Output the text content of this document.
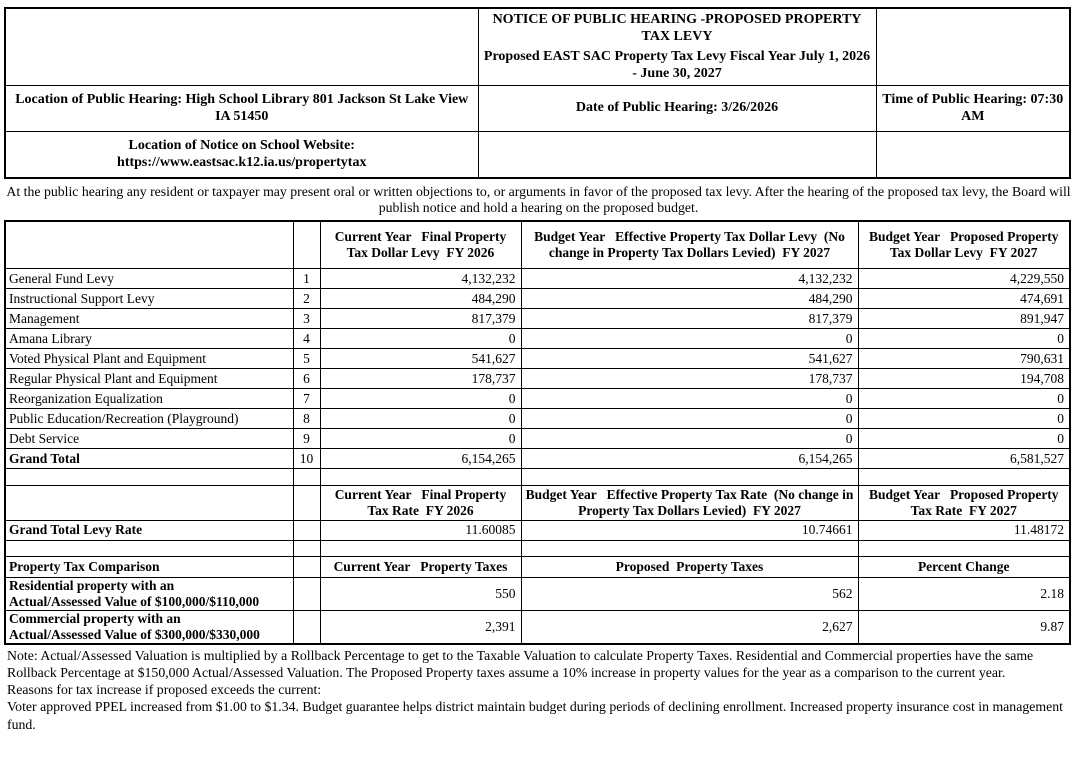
	NOTICE OF PUBLIC HEARING -PROPOSED PROPERTY TAX LEVY
Proposed EAST SAC Property Tax Levy Fiscal Year July 1, 2026 - June 30, 2027	

Location of Public Hearing: High School Library 801 Jackson St Lake View IA 51450	Date of Public Hearing: 3/26/2026	Time of Public Hearing: 07:30 AM

Location of Notice on School Website:
https://www.eastsac.k12.ia.us/propertytax		

At the public hearing any resident or taxpayer may present oral or written objections to, or arguments in favor of the proposed tax levy. After the hearing of the proposed tax levy, the Board will publish notice and hold a hearing on the proposed budget.

		Current Year   Final Property Tax Dollar Levy  FY 2026	Budget Year   Effective Property Tax Dollar Levy  (No change in Property Tax Dollars Levied)  FY 2027	Budget Year   Proposed Property Tax Dollar Levy  FY 2027
General Fund Levy	1	4,132,232	4,132,232	4,229,550
Instructional Support Levy	2	484,290	484,290	474,691
Management	3	817,379	817,379	891,947
Amana Library	4	0	0	0
Voted Physical Plant and Equipment	5	541,627	541,627	790,631
Regular Physical Plant and Equipment	6	178,737	178,737	194,708
Reorganization Equalization	7	0	0	0
Public Education/Recreation (Playground)	8	0	0	0
Debt Service	9	0	0	0
Grand Total	10	6,154,265	6,154,265	6,581,527

		Current Year   Final Property Tax Rate  FY 2026	Budget Year   Effective Property Tax Rate  (No change in Property Tax Dollars Levied)  FY 2027	Budget Year   Proposed Property Tax Rate  FY 2027
Grand Total Levy Rate		11.60085	10.74661	11.48172

Property Tax Comparison		Current Year   Property Taxes	Proposed  Property Taxes	Percent Change

Residential property with an
Actual/Assessed Value of $100,000/$110,000		550	562	2.18

Commercial property with an
Actual/Assessed Value of $300,000/$330,000		2,391	2,627	9.87

Note: Actual/Assessed Valuation is multiplied by a Rollback Percentage to get to the Taxable Valuation to calculate Property Taxes. Residential and Commercial properties have the same Rollback Percentage at $150,000 Actual/Assessed Valuation. The Proposed Property taxes assume a 10% increase in property values for the year as a comparison to the current year.

Reasons for tax increase if proposed exceeds the current:

Voter approved PPEL increased from $1.00 to $1.34. Budget guarantee helps district maintain budget during periods of declining enrollment. Increased property insurance cost in management fund.
